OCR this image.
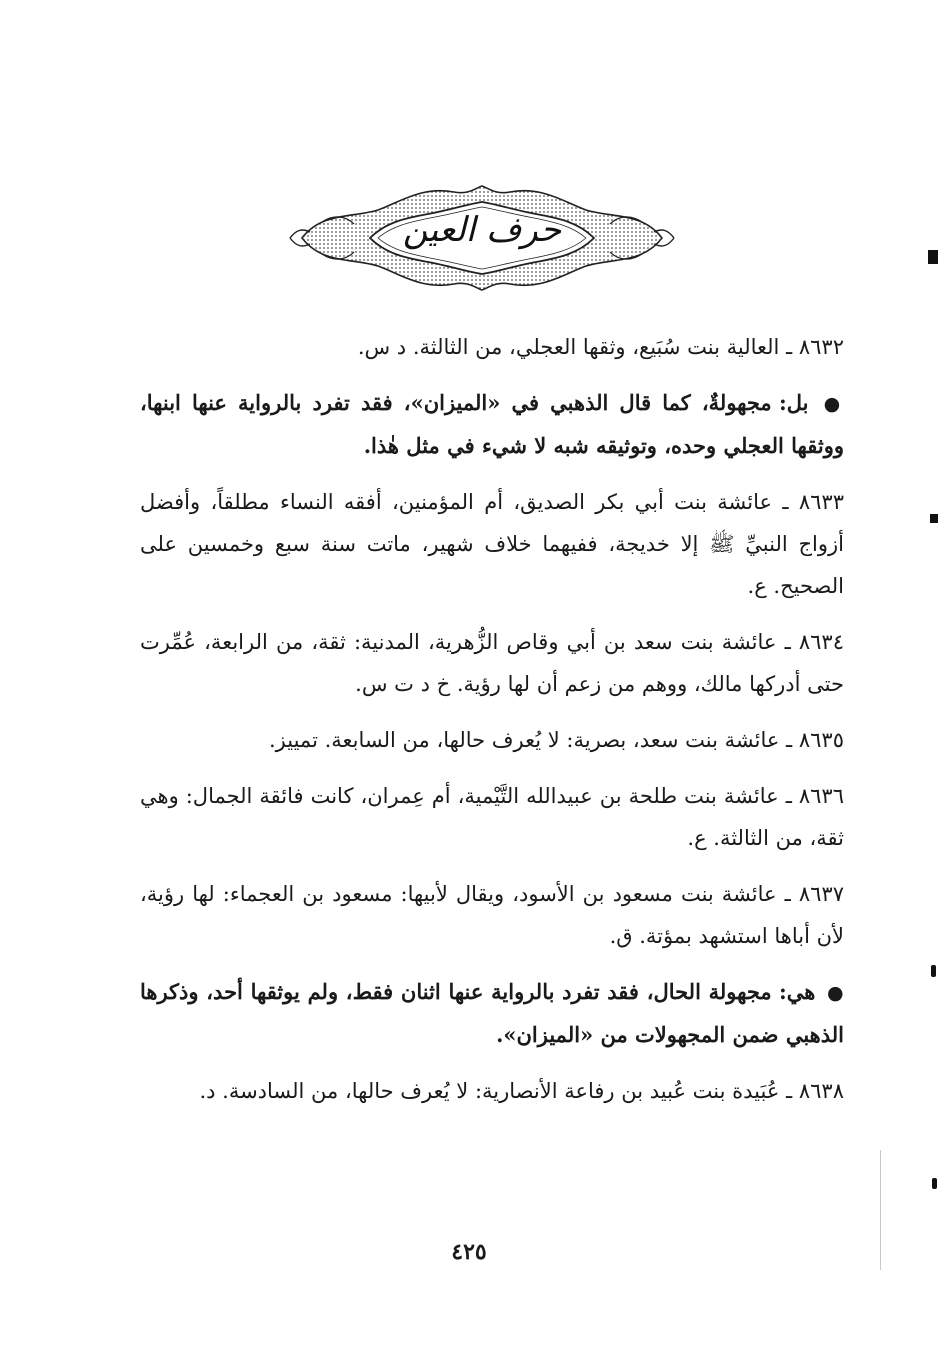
حرف العين

٨٦٣٢ ـ العالية بنت سُبَيع، وثقها العجلي، من الثالثة. د س.

● بل: مجهولةٌ، كما قال الذهبي في «الميزان»، فقد تفرد بالرواية عنها ابنها، ووثقها العجلي وحده، وتوثيقه شبه لا شيء في مثل هٰذا.

٨٦٣٣ ـ عائشة بنت أبي بكر الصديق، أم المؤمنين، أفقه النساء مطلقاً، وأفضل أزواج النبيِّ ﷺ إلا خديجة، ففيهما خلاف شهير، ماتت سنة سبع وخمسين على الصحيح. ع.

٨٦٣٤ ـ عائشة بنت سعد بن أبي وقاص الزُّهرية، المدنية: ثقة، من الرابعة، عُمِّرت حتى أدركها مالك، ووهم من زعم أن لها رؤية. خ د ت س.

٨٦٣٥ ـ عائشة بنت سعد، بصرية: لا يُعرف حالها، من السابعة. تمييز.

٨٦٣٦ ـ عائشة بنت طلحة بن عبيدالله التَّيْمية، أم عِمران، كانت فائقة الجمال: وهي ثقة، من الثالثة. ع.

٨٦٣٧ ـ عائشة بنت مسعود بن الأسود، ويقال لأبيها: مسعود بن العجماء: لها رؤية، لأن أباها استشهد بمؤتة. ق.

● هي: مجهولة الحال، فقد تفرد بالرواية عنها اثنان فقط، ولم يوثقها أحد، وذكرها الذهبي ضمن المجهولات من «الميزان».

٨٦٣٨ ـ عُبَيدة بنت عُبيد بن رفاعة الأنصارية: لا يُعرف حالها، من السادسة. د.

٤٢٥
